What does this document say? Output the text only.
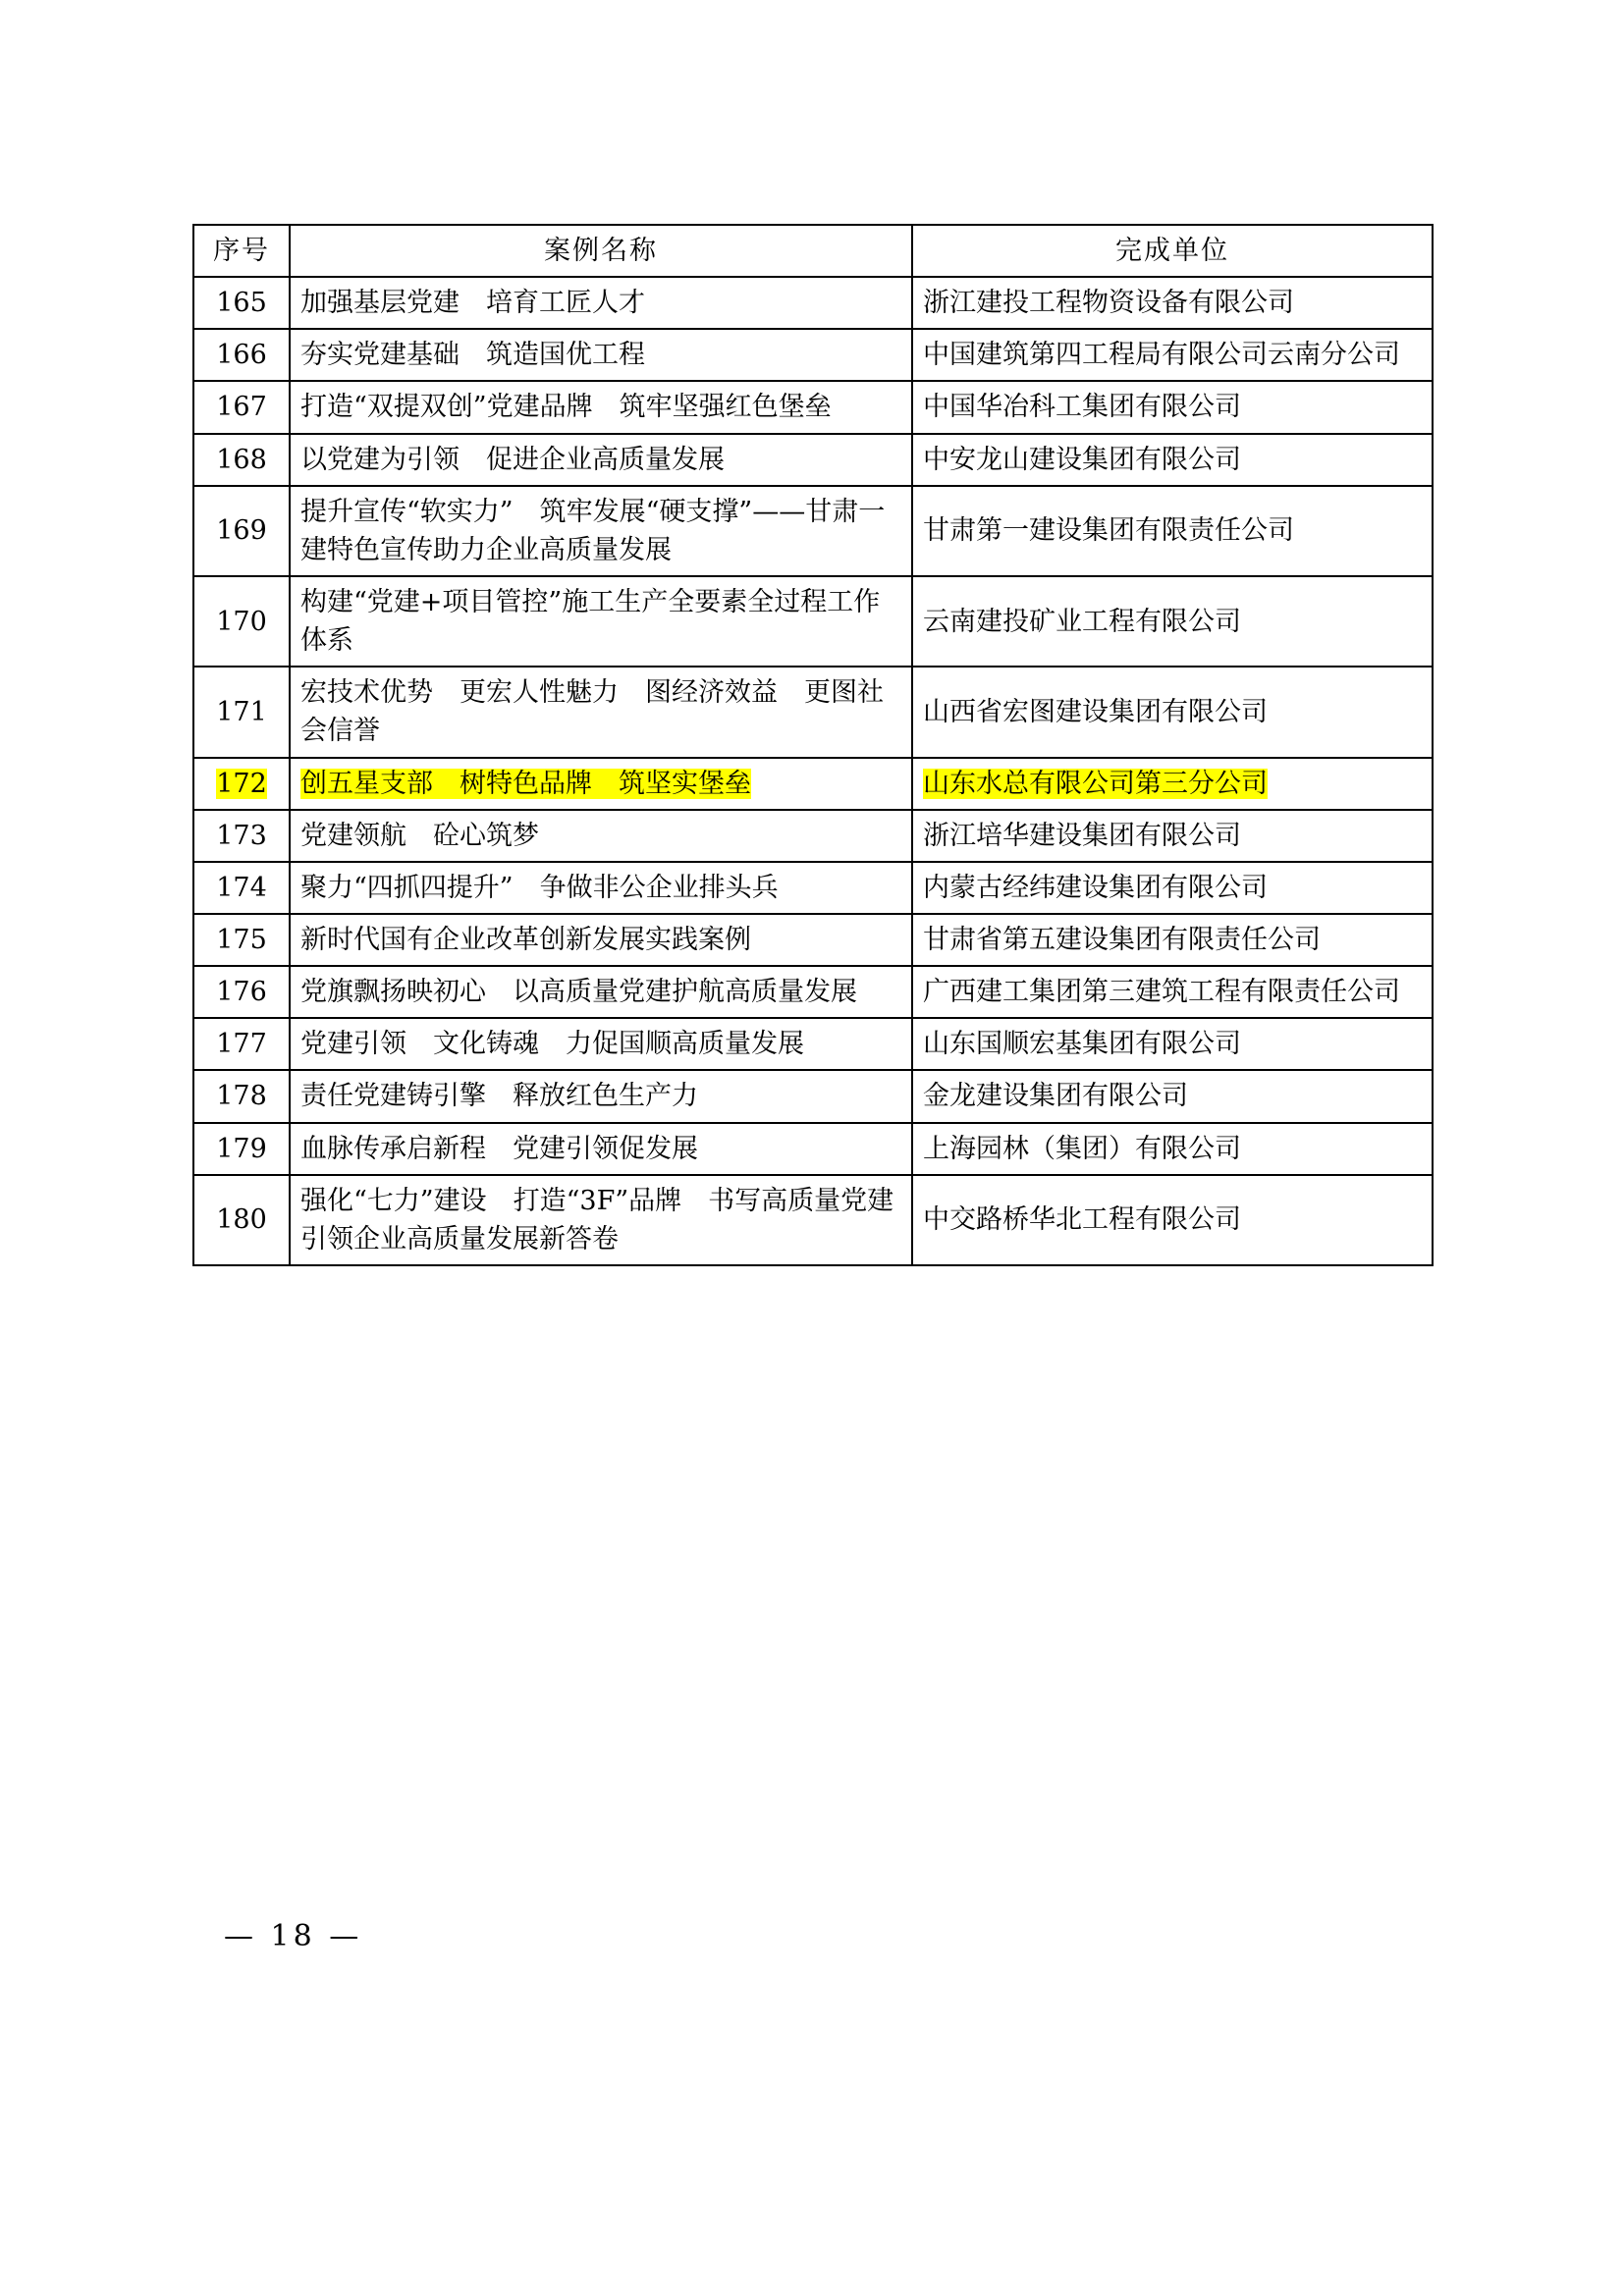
序号	案例名称	完成单位
165	加强基层党建　培育工匠人才	浙江建投工程物资设备有限公司
166	夯实党建基础　筑造国优工程	中国建筑第四工程局有限公司云南分公司
167	打造“双提双创”党建品牌　筑牢坚强红色堡垒	中国华冶科工集团有限公司
168	以党建为引领　促进企业高质量发展	中安龙山建设集团有限公司
169	提升宣传“软实力”　筑牢发展“硬支撑”——甘肃一建特色宣传助力企业高质量发展	甘肃第一建设集团有限责任公司
170	构建“党建+项目管控”施工生产全要素全过程工作体系	云南建投矿业工程有限公司
171	宏技术优势　更宏人性魅力　图经济效益　更图社会信誉	山西省宏图建设集团有限公司
172	创五星支部　树特色品牌　筑坚实堡垒	山东水总有限公司第三分公司
173	党建领航　砼心筑梦	浙江培华建设集团有限公司
174	聚力“四抓四提升”　争做非公企业排头兵	内蒙古经纬建设集团有限公司
175	新时代国有企业改革创新发展实践案例	甘肃省第五建设集团有限责任公司
176	党旗飘扬映初心　以高质量党建护航高质量发展	广西建工集团第三建筑工程有限责任公司
177	党建引领　文化铸魂　力促国顺高质量发展	山东国顺宏基集团有限公司
178	责任党建铸引擎　释放红色生产力	金龙建设集团有限公司
179	血脉传承启新程　党建引领促发展	上海园林（集团）有限公司
180	强化“七力”建设　打造“3F”品牌　书写高质量党建引领企业高质量发展新答卷	中交路桥华北工程有限公司
— 18 —
